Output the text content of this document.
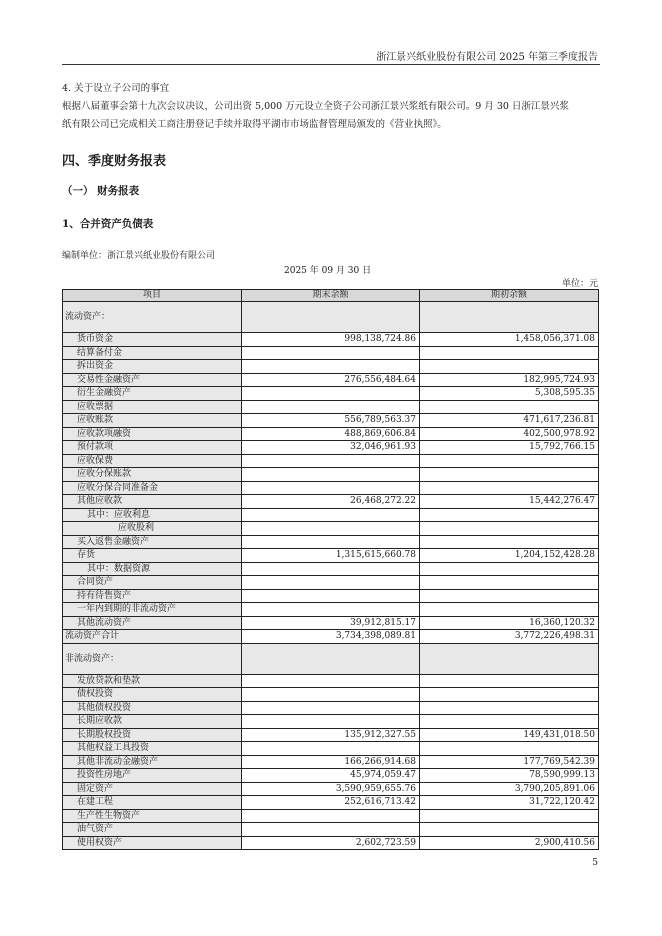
浙江景兴纸业股份有限公司 2025 年第三季度报告
4. 关于设立子公司的事宜
根据八届董事会第十九次会议决议，公司出资 5,000 万元设立全资子公司浙江景兴浆纸有限公司。9 月 30 日浙江景兴浆
纸有限公司已完成相关工商注册登记手续并取得平湖市市场监督管理局颁发的《营业执照》。
四、季度财务报表
（一） 财务报表
1、合并资产负债表
编制单位：浙江景兴纸业股份有限公司
2025 年 09 月 30 日
单位：元
项目	期末余额	期初余额
流动资产：		
货币资金	998,138,724.86	1,458,056,371.08
结算备付金		
拆出资金		
交易性金融资产	276,556,484.64	182,995,724.93
衍生金融资产		5,308,595.35
应收票据		
应收账款	556,789,563.37	471,617,236.81
应收款项融资	488,869,606.84	402,500,978.92
预付款项	32,046,961.93	15,792,766.15
应收保费		
应收分保账款		
应收分保合同准备金		
其他应收款	26,468,272.22	15,442,276.47
其中：应收利息		
应收股利		
买入返售金融资产		
存货	1,315,615,660.78	1,204,152,428.28
其中：数据资源		
合同资产		
持有待售资产		
一年内到期的非流动资产		
其他流动资产	39,912,815.17	16,360,120.32
流动资产合计	3,734,398,089.81	3,772,226,498.31
非流动资产：		
发放贷款和垫款		
债权投资		
其他债权投资		
长期应收款		
长期股权投资	135,912,327.55	149,431,018.50
其他权益工具投资		
其他非流动金融资产	166,266,914.68	177,769,542.39
投资性房地产	45,974,059.47	78,590,999.13
固定资产	3,590,959,655.76	3,790,205,891.06
在建工程	252,616,713.42	31,722,120.42
生产性生物资产		
油气资产		
使用权资产	2,602,723.59	2,900,410.56
5
